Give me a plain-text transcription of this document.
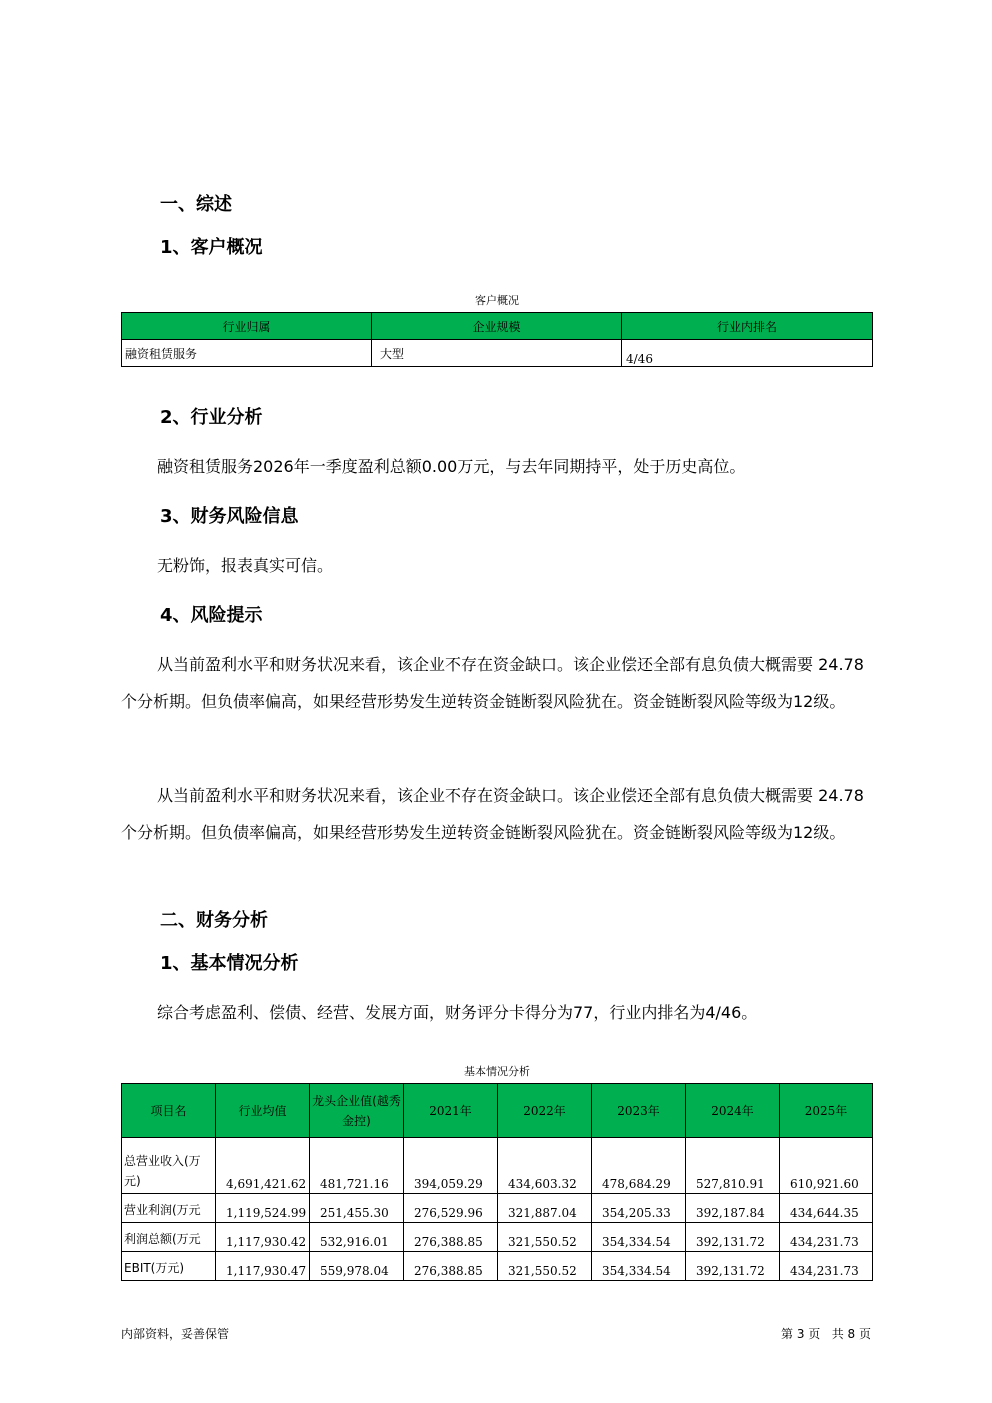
一、综述
1、客户概况
客户概况
行业归属	企业规模	行业内排名
融资租赁服务	大型	4/46
2、行业分析
融资租赁服务2026年一季度盈利总额0.00万元，与去年同期持平，处于历史高位。
3、财务风险信息
无粉饰，报表真实可信。
4、风险提示
从当前盈利水平和财务状况来看，该企业不存在资金缺口。该企业偿还全部有息负债大概需要 24.78个分析期。但负债率偏高，如果经营形势发生逆转资金链断裂风险犹在。资金链断裂风险等级为12级。
从当前盈利水平和财务状况来看，该企业不存在资金缺口。该企业偿还全部有息负债大概需要 24.78个分析期。但负债率偏高，如果经营形势发生逆转资金链断裂风险犹在。资金链断裂风险等级为12级。
二、财务分析
1、基本情况分析
综合考虑盈利、偿债、经营、发展方面，财务评分卡得分为77，行业内排名为4/46。
基本情况分析
项目名	行业均值	龙头企业值(越秀金控)	2021年	2022年	2023年	2024年	2025年
总营业收入(万元)	4,691,421.62	481,721.16	394,059.29	434,603.32	478,684.29	527,810.91	610,921.60
营业利润(万元	1,119,524.99	251,455.30	276,529.96	321,887.04	354,205.33	392,187.84	434,644.35
利润总额(万元	1,117,930.42	532,916.01	276,388.85	321,550.52	354,334.54	392,131.72	434,231.73
EBIT(万元)	1,117,930.47	559,978.04	276,388.85	321,550.52	354,334.54	392,131.72	434,231.73
内部资料，妥善保管	第 3 页   共 8 页
